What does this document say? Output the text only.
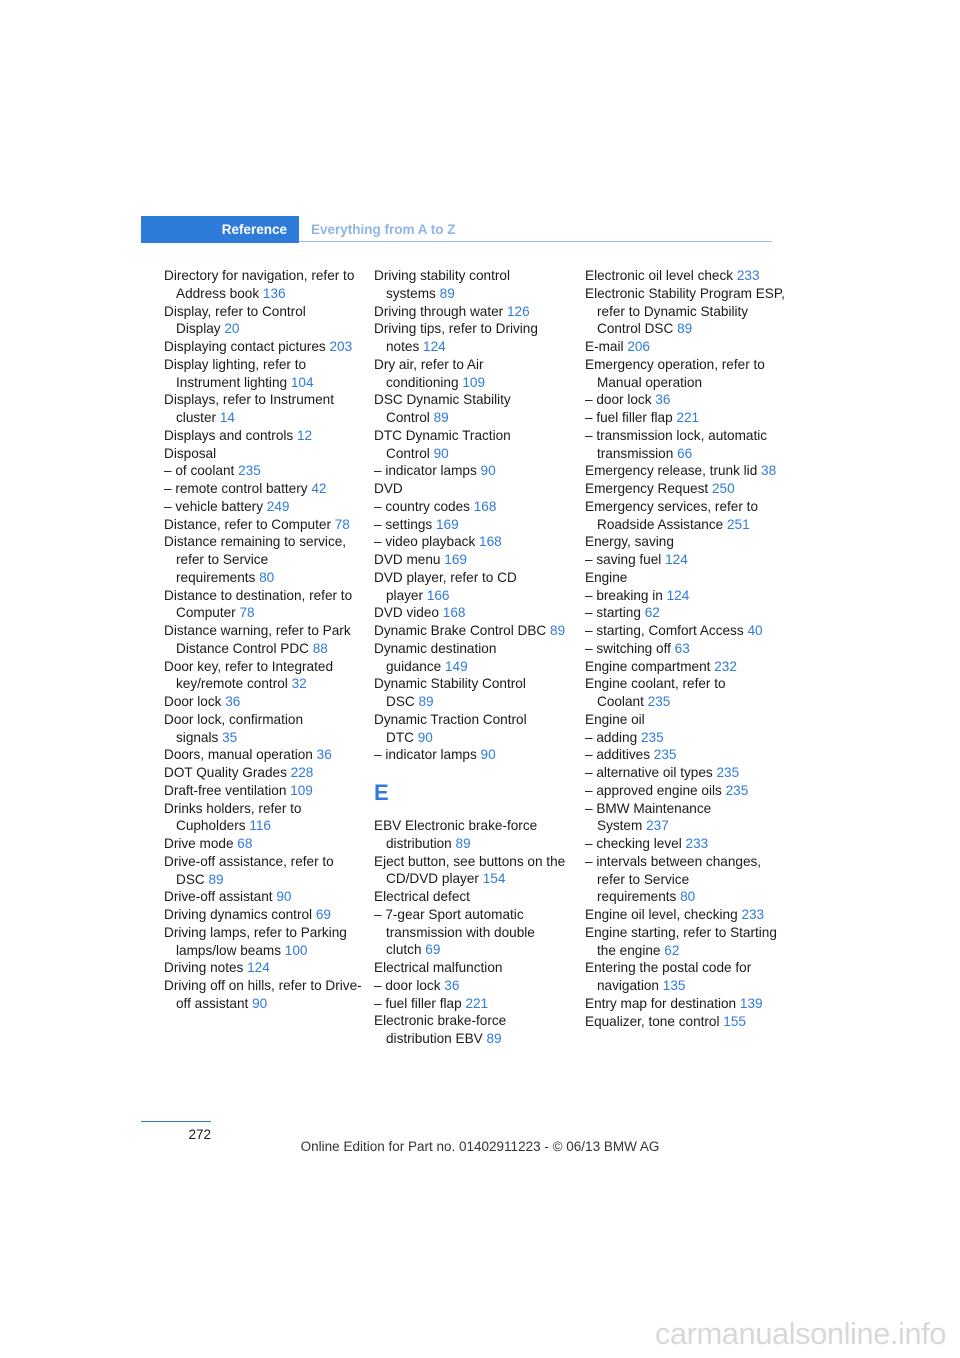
Reference Everything from A to Z

Directory for navigation, refer to Address book 136

Display, refer to Control Display 20

Displaying contact pictures 203

Display lighting, refer to Instrument lighting 104

Displays, refer to Instrument cluster 14

Displays and controls 12

Disposal

– of coolant 235

– remote control battery 42

– vehicle battery 249

Distance, refer to Computer 78

Distance remaining to service, refer to Service requirements 80

Distance to destination, refer to Computer 78

Distance warning, refer to Park Distance Control PDC 88

Door key, refer to Integrated key/remote control 32

Door lock 36

Door lock, confirmation signals 35

Doors, manual operation 36

DOT Quality Grades 228

Draft-free ventilation 109

Drinks holders, refer to Cupholders 116

Drive mode 68

Drive-off assistance, refer to DSC 89

Drive-off assistant 90

Driving dynamics control 69

Driving lamps, refer to Parking lamps/low beams 100

Driving notes 124

Driving off on hills, refer to Drive-off assistant 90

Driving stability control systems 89

Driving through water 126

Driving tips, refer to Driving notes 124

Dry air, refer to Air conditioning 109

DSC Dynamic Stability Control 89

DTC Dynamic Traction Control 90

– indicator lamps 90

DVD

– country codes 168

– settings 169

– video playback 168

DVD menu 169

DVD player, refer to CD player 166

DVD video 168

Dynamic Brake Control DBC 89

Dynamic destination guidance 149

Dynamic Stability Control DSC 89

Dynamic Traction Control DTC 90

– indicator lamps 90

E

EBV Electronic brake-force distribution 89

Eject button, see buttons on the CD/DVD player 154

Electrical defect

– 7-gear Sport automatic transmission with double clutch 69

Electrical malfunction

– door lock 36

– fuel filler flap 221

Electronic brake-force distribution EBV 89

Electronic oil level check 233

Electronic Stability Program ESP, refer to Dynamic Stability Control DSC 89

E-mail 206

Emergency operation, refer to Manual operation

– door lock 36

– fuel filler flap 221

– transmission lock, automatic transmission 66

Emergency release, trunk lid 38

Emergency Request 250

Emergency services, refer to Roadside Assistance 251

Energy, saving

– saving fuel 124

Engine

– breaking in 124

– starting 62

– starting, Comfort Access 40

– switching off 63

Engine compartment 232

Engine coolant, refer to Coolant 235

Engine oil

– adding 235

– additives 235

– alternative oil types 235

– approved engine oils 235

– BMW Maintenance System 237

– checking level 233

– intervals between changes, refer to Service requirements 80

Engine oil level, checking 233

Engine starting, refer to Starting the engine 62

Entering the postal code for navigation 135

Entry map for destination 139

Equalizer, tone control 155

272
Online Edition for Part no. 01402911223 - © 06/13 BMW AG
carmanualsonline.info
